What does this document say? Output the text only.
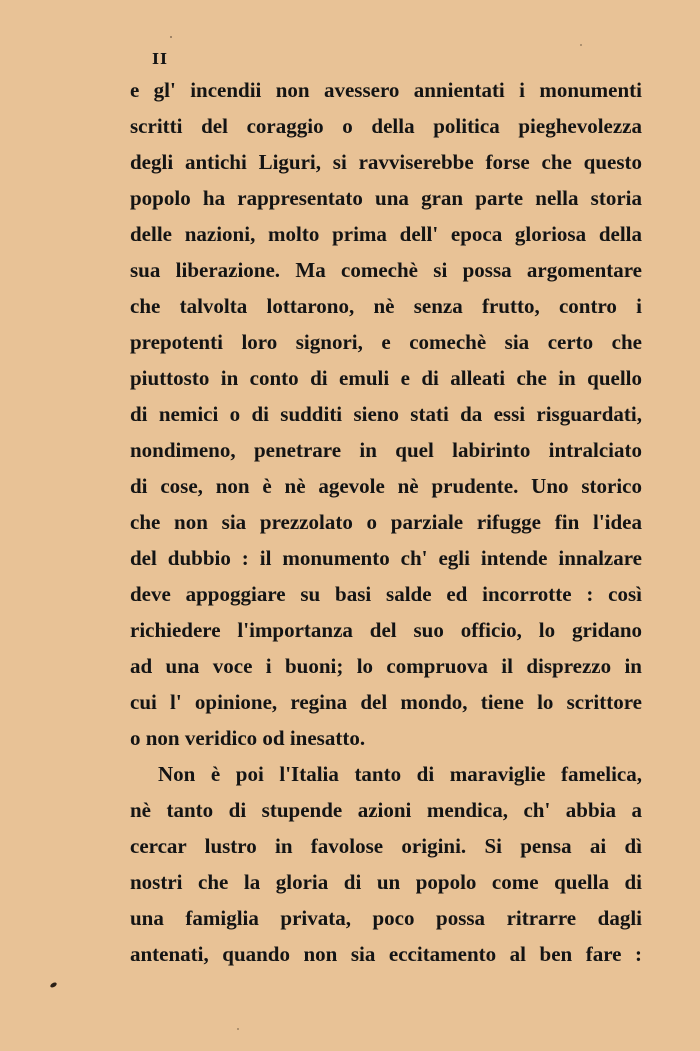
II
e gl' incendii non avessero annientati i monumenti
scritti del coraggio o della politica pieghevolezza
degli antichi Liguri, si ravviserebbe forse che questo
popolo ha rappresentato una gran parte nella storia
delle nazioni, molto prima dell' epoca gloriosa della
sua liberazione. Ma comechè si possa argomentare
che talvolta lottarono, nè senza frutto, contro i
prepotenti loro signori, e comechè sia certo che
piuttosto in conto di emuli e di alleati che in quello
di nemici o di sudditi sieno stati da essi risguardati,
nondimeno, penetrare in quel labirinto intralciato
di cose, non è nè agevole nè prudente. Uno storico
che non sia prezzolato o parziale rifugge fin l'idea
del dubbio : il monumento ch' egli intende innalzare
deve appoggiare su basi salde ed incorrotte : così
richiedere l'importanza del suo officio, lo gridano
ad una voce i buoni; lo compruova il disprezzo in
cui l' opinione, regina del mondo, tiene lo scrittore
o non veridico od inesatto.
Non è poi l'Italia tanto di maraviglie famelica,
nè tanto di stupende azioni mendica, ch' abbia a
cercar lustro in favolose origini. Si pensa ai dì
nostri che la gloria di un popolo come quella di
una famiglia privata, poco possa ritrarre dagli
antenati, quando non sia eccitamento al ben fare :
